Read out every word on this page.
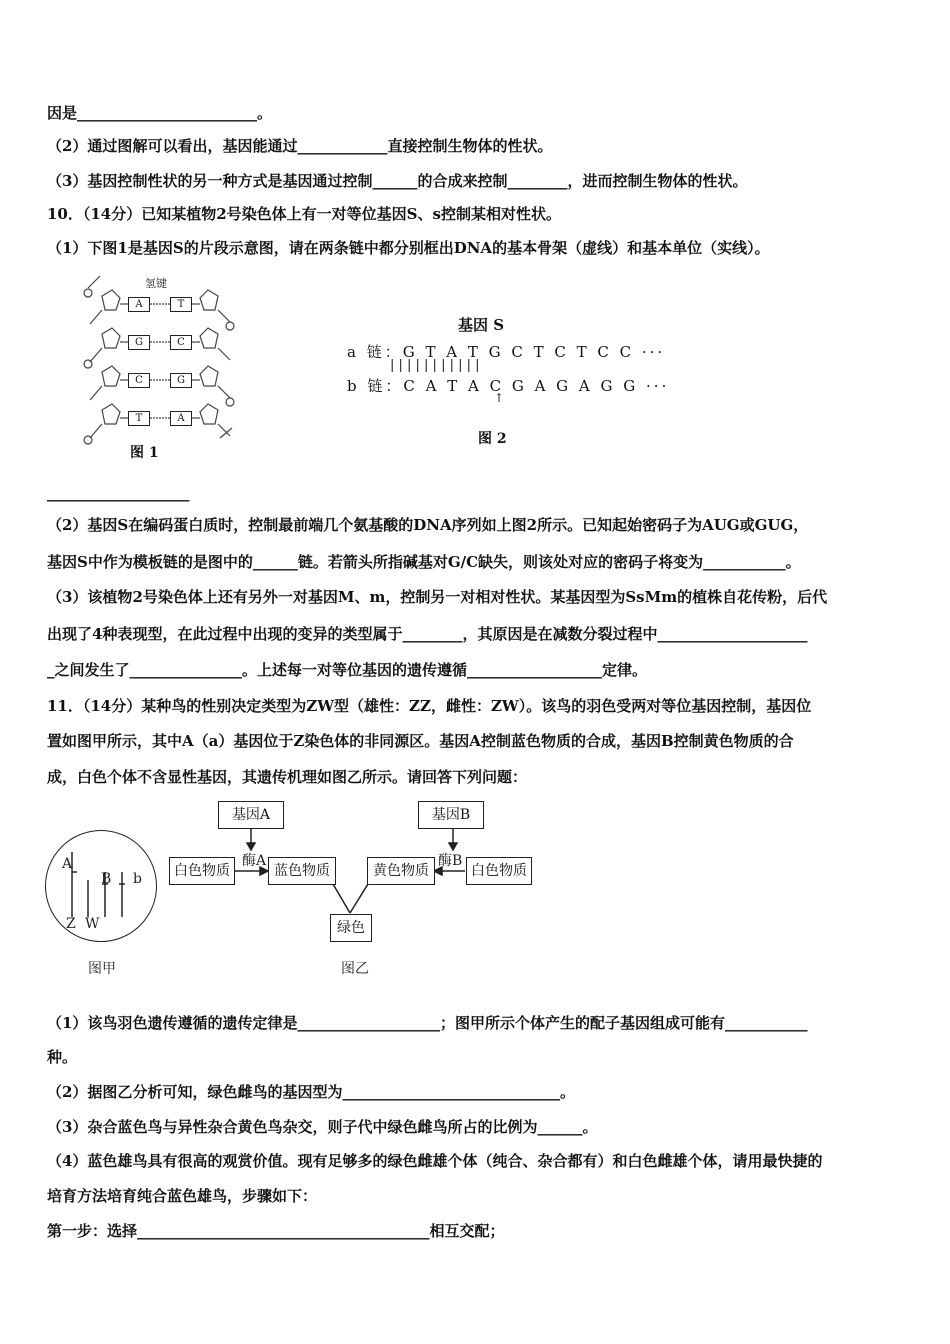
因是________________________。
（2）通过图解可以看出，基因能通过____________直接控制生物体的性状。
（3）基因控制性状的另一种方式是基因通过控制______的合成来控制________，进而控制生物体的性状。
10．（14分）已知某植物2号染色体上有一对等位基因S、s控制某相对性状。
（1）下图1是基因S的片段示意图，请在两条链中都分别框出DNA的基本骨架（虚线）和基本单位（实线）。
___________________
（2）基因S在编码蛋白质时，控制最前端几个氨基酸的DNA序列如上图2所示。已知起始密码子为AUG或GUG，
基因S中作为模板链的是图中的______链。若箭头所指碱基对G/C缺失，则该处对应的密码子将变为___________。
（3）该植物2号染色体上还有另外一对基因M、m，控制另一对相对性状。某基因型为SsMm的植株自花传粉，后代
出现了4种表现型，在此过程中出现的变异的类型属于________，其原因是在减数分裂过程中____________________
_之间发生了_______________。上述每一对等位基因的遗传遵循__________________定律。
11．（14分）某种鸟的性别决定类型为ZW型（雄性：ZZ，雌性：ZW）。该鸟的羽色受两对等位基因控制，基因位
置如图甲所示，其中A（a）基因位于Z染色体的非同源区。基因A控制蓝色物质的合成，基因B控制黄色物质的合
成，白色个体不含显性基因，其遗传机理如图乙所示。请回答下列问题：
（1）该鸟羽色遗传遵循的遗传定律是___________________；图甲所示个体产生的配子基因组成可能有___________
种。
（2）据图乙分析可知，绿色雌鸟的基因型为_____________________________。
（3）杂合蓝色鸟与异性杂合黄色鸟杂交，则子代中绿色雌鸟所占的比例为______。
（4）蓝色雄鸟具有很高的观赏价值。现有足够多的绿色雌雄个体（纯合、杂合都有）和白色雌雄个体，请用最快捷的
培育方法培育纯合蓝色雄鸟，步骤如下：
第一步：选择_______________________________________相互交配；
氢键
A	T
G	C
C	G
T	A
图 1
基因 S
a 链：G T A T G C T C T C C ···
| | | | | | | | | | |
b 链：C A T A C G A G A G G ···
↑
图 2
A
B b
Z W
图甲
基因A	基因B
酶A	酶B
白色物质	蓝色物质	黄色物质	白色物质
绿色
图乙
